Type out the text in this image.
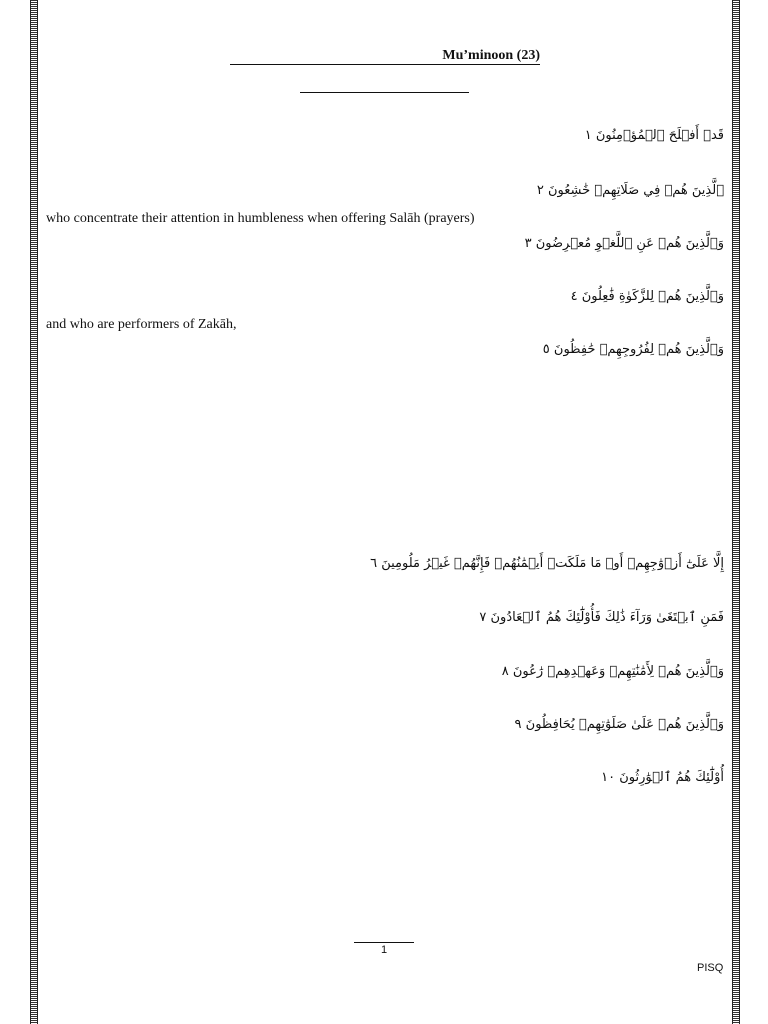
Mu’minoon (23)
قَدۡ أَفۡلَحَ ٱلۡمُؤۡمِنُونَ ١
ٱلَّذِينَ هُمۡ فِي صَلَاتِهِمۡ خَٰشِعُونَ ٢
who concentrate their attention in humbleness when offering Salāh (prayers)
وَٱلَّذِينَ هُمۡ عَنِ ٱللَّغۡوِ مُعۡرِضُونَ ٣
وَٱلَّذِينَ هُمۡ لِلزَّكَوٰةِ فَٰعِلُونَ ٤
and who are performers of Zakāh,
وَٱلَّذِينَ هُمۡ لِفُرُوجِهِمۡ حَٰفِظُونَ ٥
إِلَّا عَلَىٰٓ أَزۡوَٰجِهِمۡ أَوۡ مَا مَلَكَتۡ أَيۡمَٰنُهُمۡ فَإِنَّهُمۡ غَيۡرُ مَلُومِينَ ٦
فَمَنِ ٱبۡتَغَىٰ وَرَآءَ ذَٰلِكَ فَأُوْلَٰٓئِكَ هُمُ ٱلۡعَادُونَ ٧
وَٱلَّذِينَ هُمۡ لِأَمَٰنَٰتِهِمۡ وَعَهۡدِهِمۡ رَٰعُونَ ٨
وَٱلَّذِينَ هُمۡ عَلَىٰ صَلَوَٰتِهِمۡ يُحَافِظُونَ ٩
أُوْلَٰٓئِكَ هُمُ ٱلۡوَٰرِثُونَ ١٠
1
PISQ
